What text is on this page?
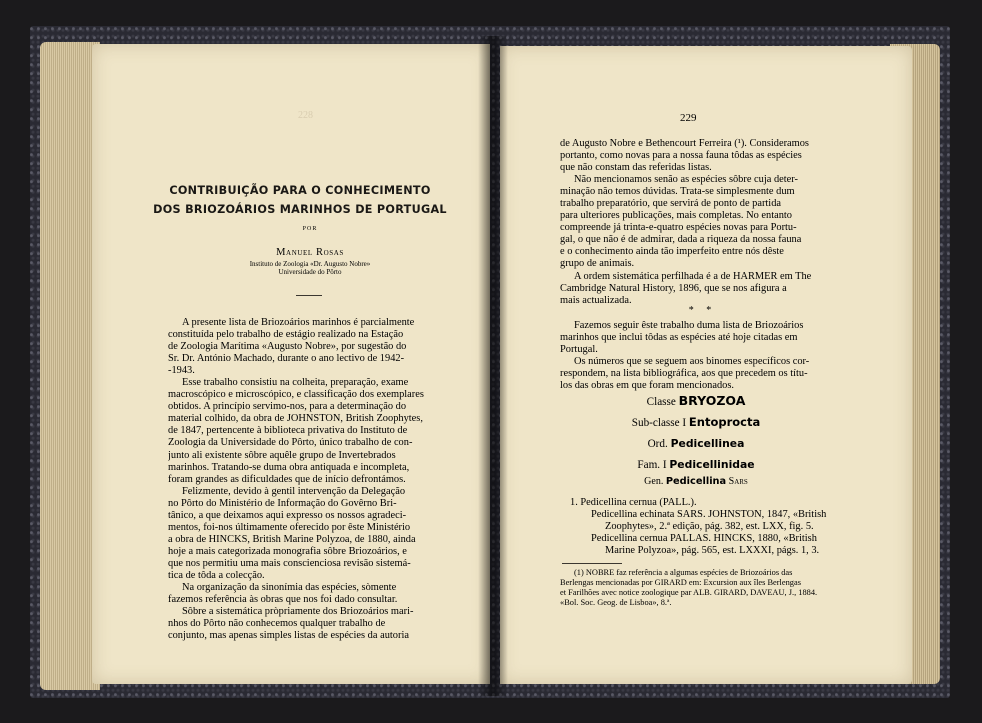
228
CONTRIBUIÇÃO PARA O CONHECIMENTO
DOS BRIOZOÁRIOS MARINHOS DE PORTUGAL
POR
Manuel Rosas
Instituto de Zoologia «Dr. Augusto Nobre»
Universidade do Pôrto
A presente lista de Briozoários marinhos é parcialmente
constituída pelo trabalho de estágio realizado na Estação
de Zoologia Marítima «Augusto Nobre», por sugestão do
Sr. Dr. António Machado, durante o ano lectivo de 1942-
-1943.
Esse trabalho consistiu na colheita, preparação, exame
macroscópico e microscópico, e classificação dos exemplares
obtidos. A princípio servimo-nos, para a determinação do
material colhido, da obra de JOHNSTON, British Zoophytes,
de 1847, pertencente à biblioteca privativa do Instituto de
Zoologia da Universidade do Pôrto, único trabalho de con-
junto ali existente sôbre aquêle grupo de Invertebrados
marinhos. Tratando-se duma obra antiquada e incompleta,
foram grandes as dificuldades que de início defrontámos.
Felizmente, devido à gentil intervenção da Delegação
no Pôrto do Ministério de Informação do Govêrno Bri-
tânico, a que deixamos aqui expresso os nossos agradeci-
mentos, foi-nos últimamente oferecido por êste Ministério
a obra de HINCKS, British Marine Polyzoa, de 1880, ainda
hoje a mais categorizada monografia sôbre Briozoários, e
que nos permitiu uma mais conscienciosa revisão sistemá-
tica de tôda a colecção.
Na organização da sinonímia das espécies, sòmente
fazemos referência às obras que nos foi dado consultar.
Sôbre a sistemática pròpriamente dos Briozoários mari-
nhos do Pôrto não conhecemos qualquer trabalho de
conjunto, mas apenas simples listas de espécies da autoria
229
de Augusto Nobre e Bethencourt Ferreira (¹). Consideramos
portanto, como novas para a nossa fauna tôdas as espécies
que não constam das referidas listas.
Não mencionamos senão as espécies sôbre cuja deter-
minação não temos dúvidas. Trata-se simplesmente dum
trabalho preparatório, que servirá de ponto de partida
para ulteriores publicações, mais completas. No entanto
compreende já trinta-e-quatro espécies novas para Portu-
gal, o que não é de admirar, dada a riqueza da nossa fauna
e o conhecimento ainda tão imperfeito entre nós dêste
grupo de animais.
A ordem sistemática perfilhada é a de HARMER em The
Cambridge Natural History, 1896, que se nos afigura a
mais actualizada.
*     *
Fazemos seguir êste trabalho duma lista de Briozoários
marinhos que inclui tôdas as espécies até hoje citadas em
Portugal.
Os números que se seguem aos binomes específicos cor-
respondem, na lista bibliográfica, aos que precedem os títu-
los das obras em que foram mencionados.
Classe BRYOZOA
Sub-classe I Entoprocta
Ord. Pedicellinea
Fam. I Pedicellinidae
Gen. Pedicellina Sars
1. Pedicellina cernua (PALL.).
Pedicellina echinata SARS. JOHNSTON, 1847, «British
Zoophytes», 2.ª edição, pág. 382, est. LXX, fig. 5.
Pedicellina cernua PALLAS. HINCKS, 1880, «British
Marine Polyzoa», pág. 565, est. LXXXI, págs. 1, 3.
(1) NOBRE faz referência a algumas espécies de Briozoários das
Berlengas mencionadas por GIRARD em: Excursion aux îles Berlengas
et Farilhões avec notice zoologique par ALB. GIRARD, DAVEAU, J., 1884.
«Bol. Soc. Geog. de Lisboa», 8.ª.
